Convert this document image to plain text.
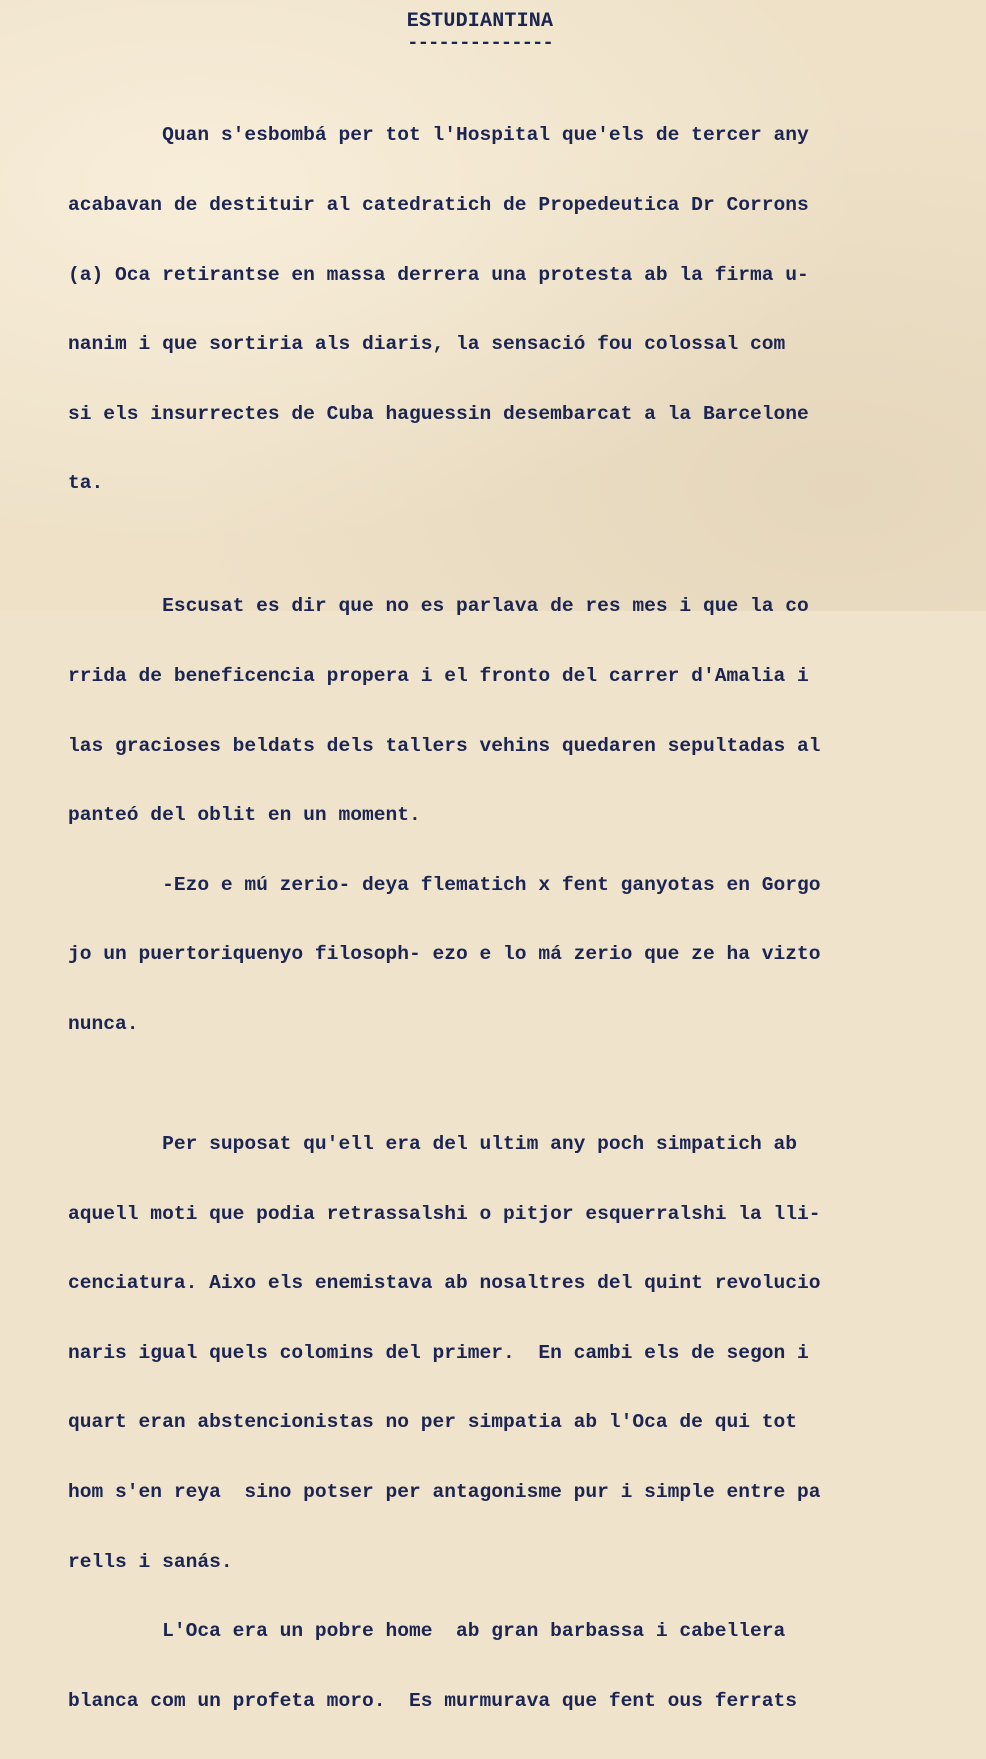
ESTUDIANTINA
--------------

Quan s'esbombá per tot l'Hospital que'els de tercer any

acabavan de destituir al catedratich de Propedeutica Dr Corrons

(a) Oca retirantse en massa derrera una protesta ab la firma u-

nanim i que sortiria als diaris, la sensació fou colossal com

si els insurrectes de Cuba haguessin desembarcat a la Barcelone

ta.

Escusat es dir que no es parlava de res mes i que la co

rrida de beneficencia propera i el fronto del carrer d'Amalia i

las gracioses beldats dels tallers vehins quedaren sepultadas al

panteó del oblit en un moment.

-Ezo e mú zerio- deya flematich x fent ganyotas en Gorgo

jo un puertoriquenyo filosoph- ezo e lo má zerio que ze ha vizto

nunca.

Per suposat qu'ell era del ultim any poch simpatich ab

aquell moti que podia retrassalshi o pitjor esquerralshi la lli-

cenciatura. Aixo els enemistava ab nosaltres del quint revolucio

naris igual quels colomins del primer.  En cambi els de segon i

quart eran abstencionistas no per simpatia ab l'Oca de qui tot

hom s'en reya  sino potser per antagonisme pur i simple entre pa

rells i sanás.

L'Oca era un pobre home  ab gran barbassa i cabellera

blanca com un profeta moro.  Es murmurava que fent ous ferrats
